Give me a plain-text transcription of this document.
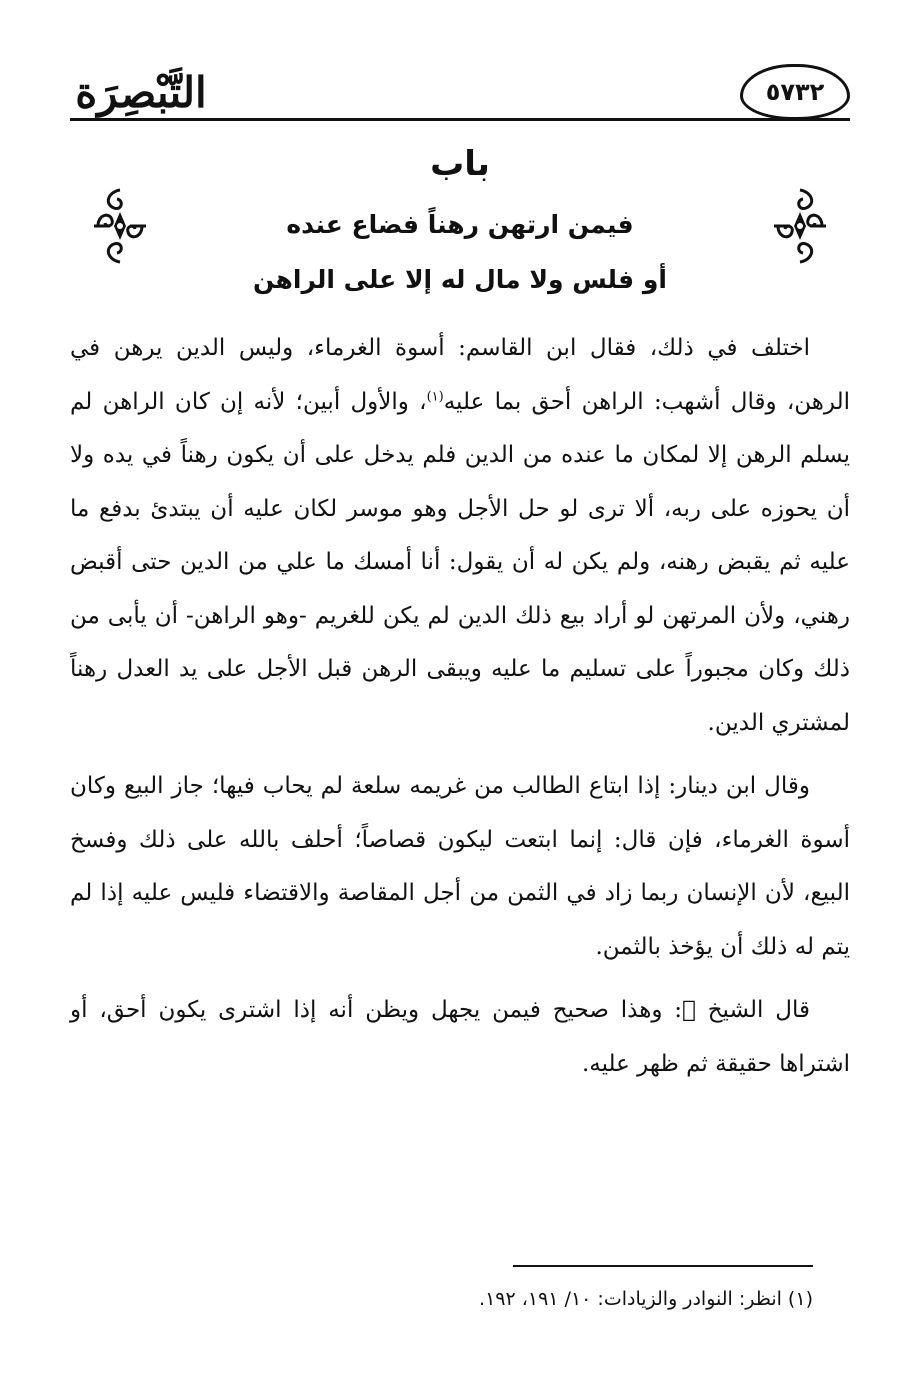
التَّبْصِرَة	٥٧٣٢
باب
فيمن ارتهن رهناً فضاع عنده
أو فلس ولا مال له إلا على الراهن

اختلف في ذلك، فقال ابن القاسم: أسوة الغرماء، وليس الدين يرهن في الرهن، وقال أشهب: الراهن أحق بما عليه$^{(١)}$، والأول أبين؛ لأنه إن كان الراهن لم يسلم الرهن إلا لمكان ما عنده من الدين فلم يدخل على أن يكون رهناً في يده ولا أن يحوزه على ربه، ألا ترى لو حل الأجل وهو موسر لكان عليه أن يبتدئ بدفع ما عليه ثم يقبض رهنه، ولم يكن له أن يقول: أنا أمسك ما علي من الدين حتى أقبض رهني، ولأن المرتهن لو أراد بيع ذلك الدين لم يكن للغريم -وهو الراهن- أن يأبى من ذلك وكان مجبوراً على تسليم ما عليه ويبقى الرهن قبل الأجل على يد العدل رهناً لمشتري الدين.

وقال ابن دينار: إذا ابتاع الطالب من غريمه سلعة لم يحاب فيها؛ جاز البيع وكان أسوة الغرماء، فإن قال: إنما ابتعت ليكون قصاصاً؛ أحلف بالله على ذلك وفسخ البيع، لأن الإنسان ربما زاد في الثمن من أجل المقاصة والاقتضاء فليس عليه إذا لم يتم له ذلك أن يؤخذ بالثمن.

قال الشيخ ﷬: وهذا صحيح فيمن يجهل ويظن أنه إذا اشترى يكون أحق، أو اشتراها حقيقة ثم ظهر عليه.

(١) انظر: النوادر والزيادات: ١٠/ ١٩١، ١٩٢.
